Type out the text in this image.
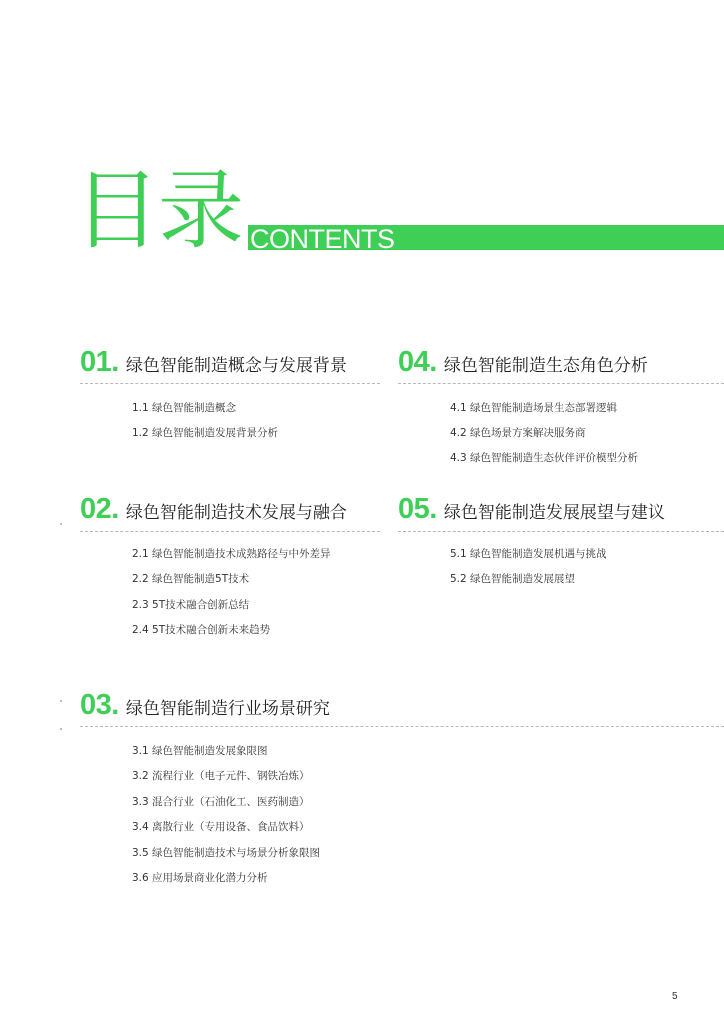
目录 CONTENTS
01. 绿色智能制造概念与发展背景
1.1 绿色智能制造概念
1.2 绿色智能制造发展背景分析
04. 绿色智能制造生态角色分析
4.1 绿色智能制造场景生态部署逻辑
4.2 绿色场景方案解决服务商
4.3 绿色智能制造生态伙伴评价模型分析
02. 绿色智能制造技术发展与融合
2.1 绿色智能制造技术成熟路径与中外差异
2.2 绿色智能制造5T技术
2.3 5T技术融合创新总结
2.4 5T技术融合创新未来趋势
05. 绿色智能制造发展展望与建议
5.1 绿色智能制造发展机遇与挑战
5.2 绿色智能制造发展展望
03. 绿色智能制造行业场景研究
3.1 绿色智能制造发展象限图
3.2 流程行业（电子元件、钢铁冶炼）
3.3 混合行业（石油化工、医药制造）
3.4 离散行业（专用设备、食品饮料）
3.5 绿色智能制造技术与场景分析象限图
3.6 应用场景商业化潜力分析
5
